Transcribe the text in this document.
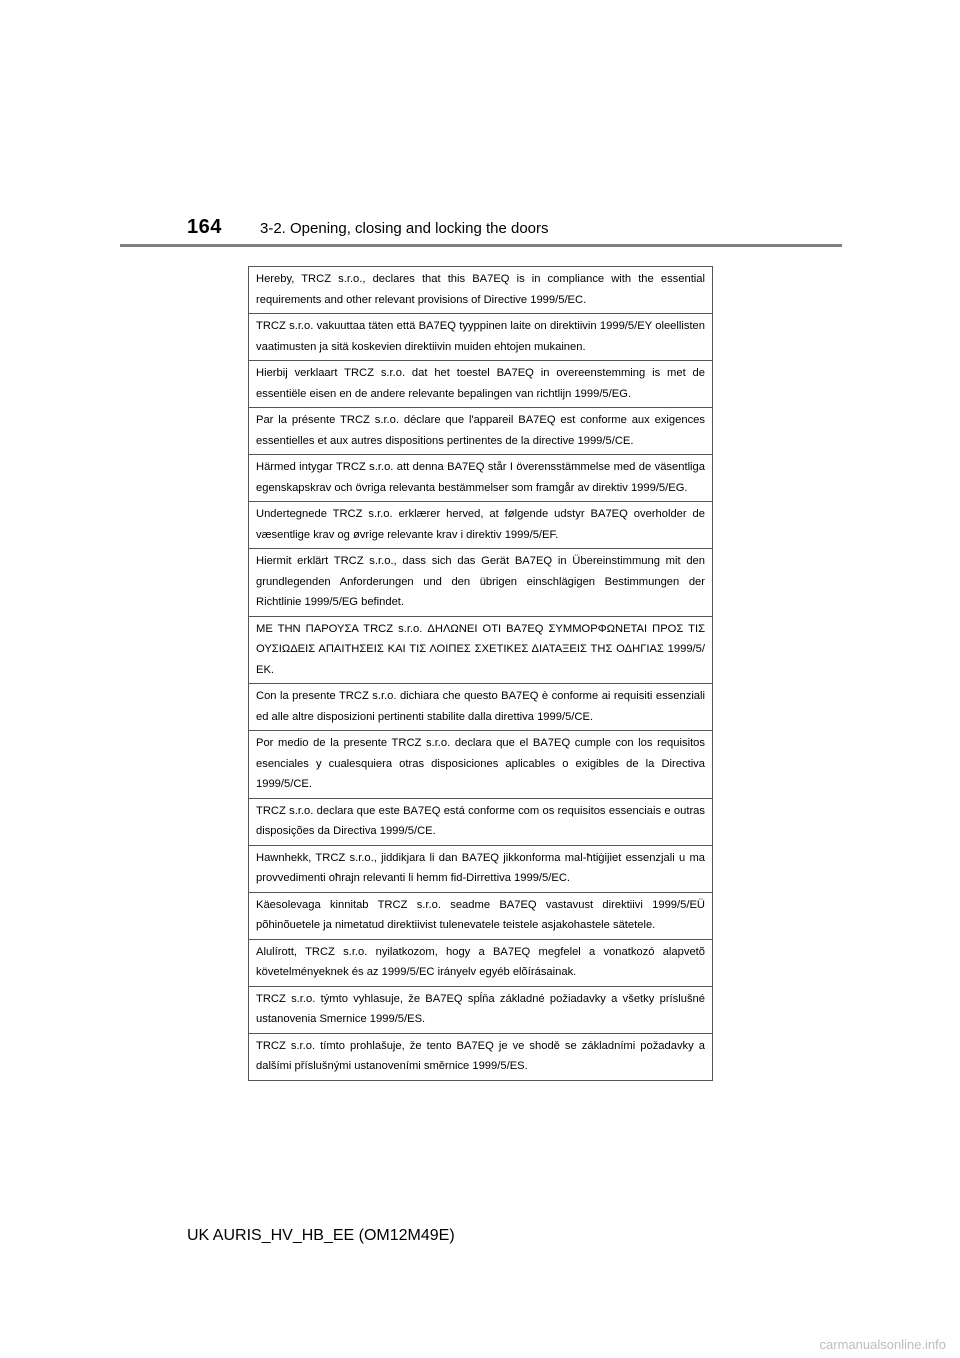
164	3-2. Opening, closing and locking the doors
Hereby, TRCZ s.r.o., declares that this BA7EQ is in compliance with the essential requirements and other relevant provisions of Directive 1999/5/EC.
TRCZ s.r.o. vakuuttaa täten että BA7EQ tyyppinen laite on direktiivin 1999/5/EY oleellisten vaatimusten ja sitä koskevien direktiivin muiden ehtojen mukainen.
Hierbij verklaart TRCZ s.r.o. dat het toestel BA7EQ in overeenstemming is met de essentiële eisen en de andere relevante bepalingen van richtlijn 1999/5/EG.
Par la présente TRCZ s.r.o. déclare que l'appareil BA7EQ est conforme aux exigences essentielles et aux autres dispositions pertinentes de la directive 1999/5/CE.
Härmed intygar TRCZ s.r.o. att denna BA7EQ står I överensstämmelse med de väsentliga egenskapskrav och övriga relevanta bestämmelser som framgår av direktiv 1999/5/EG.
Undertegnede TRCZ s.r.o. erklærer herved, at følgende udstyr BA7EQ overholder de væsentlige krav og øvrige relevante krav i direktiv 1999/5/EF.
Hiermit erklärt TRCZ s.r.o., dass sich das Gerät BA7EQ in Übereinstimmung mit den grundlegenden Anforderungen und den übrigen einschlägigen Bestimmungen der Richtlinie 1999/5/EG befindet.
ΜΕ ΤΗΝ ΠΑΡΟΥΣΑ TRCZ s.r.o. ΔΗΛΩΝΕΙ ΟΤΙ BA7EQ ΣΥΜΜΟΡΦΩΝΕΤΑΙ ΠΡΟΣ ΤΙΣ ΟΥΣΙΩΔΕΙΣ ΑΠΑΙΤΗΣΕΙΣ ΚΑΙ ΤΙΣ ΛΟΙΠΕΣ ΣΧΕΤΙΚΕΣ ΔΙΑΤΑΞΕΙΣ ΤΗΣ ΟΔΗΓΙΑΣ 1999/5/ΕΚ.
Con la presente TRCZ s.r.o. dichiara che questo BA7EQ è conforme ai requisiti essenziali ed alle altre disposizioni pertinenti stabilite dalla direttiva 1999/5/CE.
Por medio de la presente TRCZ s.r.o. declara que el BA7EQ cumple con los requisitos esenciales y cualesquiera otras disposiciones aplicables o exigibles de la Directiva 1999/5/CE.
TRCZ s.r.o. declara que este BA7EQ está conforme com os requisitos essenciais e outras disposições da Directiva 1999/5/CE.
Hawnhekk, TRCZ s.r.o., jiddikjara li dan BA7EQ jikkonforma mal-ħtiġijiet essenzjali u ma provvedimenti oħrajn relevanti li hemm fid-Dirrettiva 1999/5/EC.
Käesolevaga kinnitab TRCZ s.r.o. seadme BA7EQ vastavust direktiivi 1999/5/EÜ põhinõuetele ja nimetatud direktiivist tulenevatele teistele asjakohastele sätetele.
Alulírott, TRCZ s.r.o. nyilatkozom, hogy a BA7EQ megfelel a vonatkozó alapvetõ követelményeknek és az 1999/5/EC irányelv egyéb elõírásainak.
TRCZ s.r.o. týmto vyhlasuje, že BA7EQ spĺňa základné požiadavky a všetky príslušné ustanovenia Smernice 1999/5/ES.
TRCZ s.r.o. tímto prohlašuje, že tento BA7EQ je ve shodě se základními požadavky a dalšími příslušnými ustanoveními směrnice 1999/5/ES.
UK AURIS_HV_HB_EE (OM12M49E)
carmanualsonline.info
